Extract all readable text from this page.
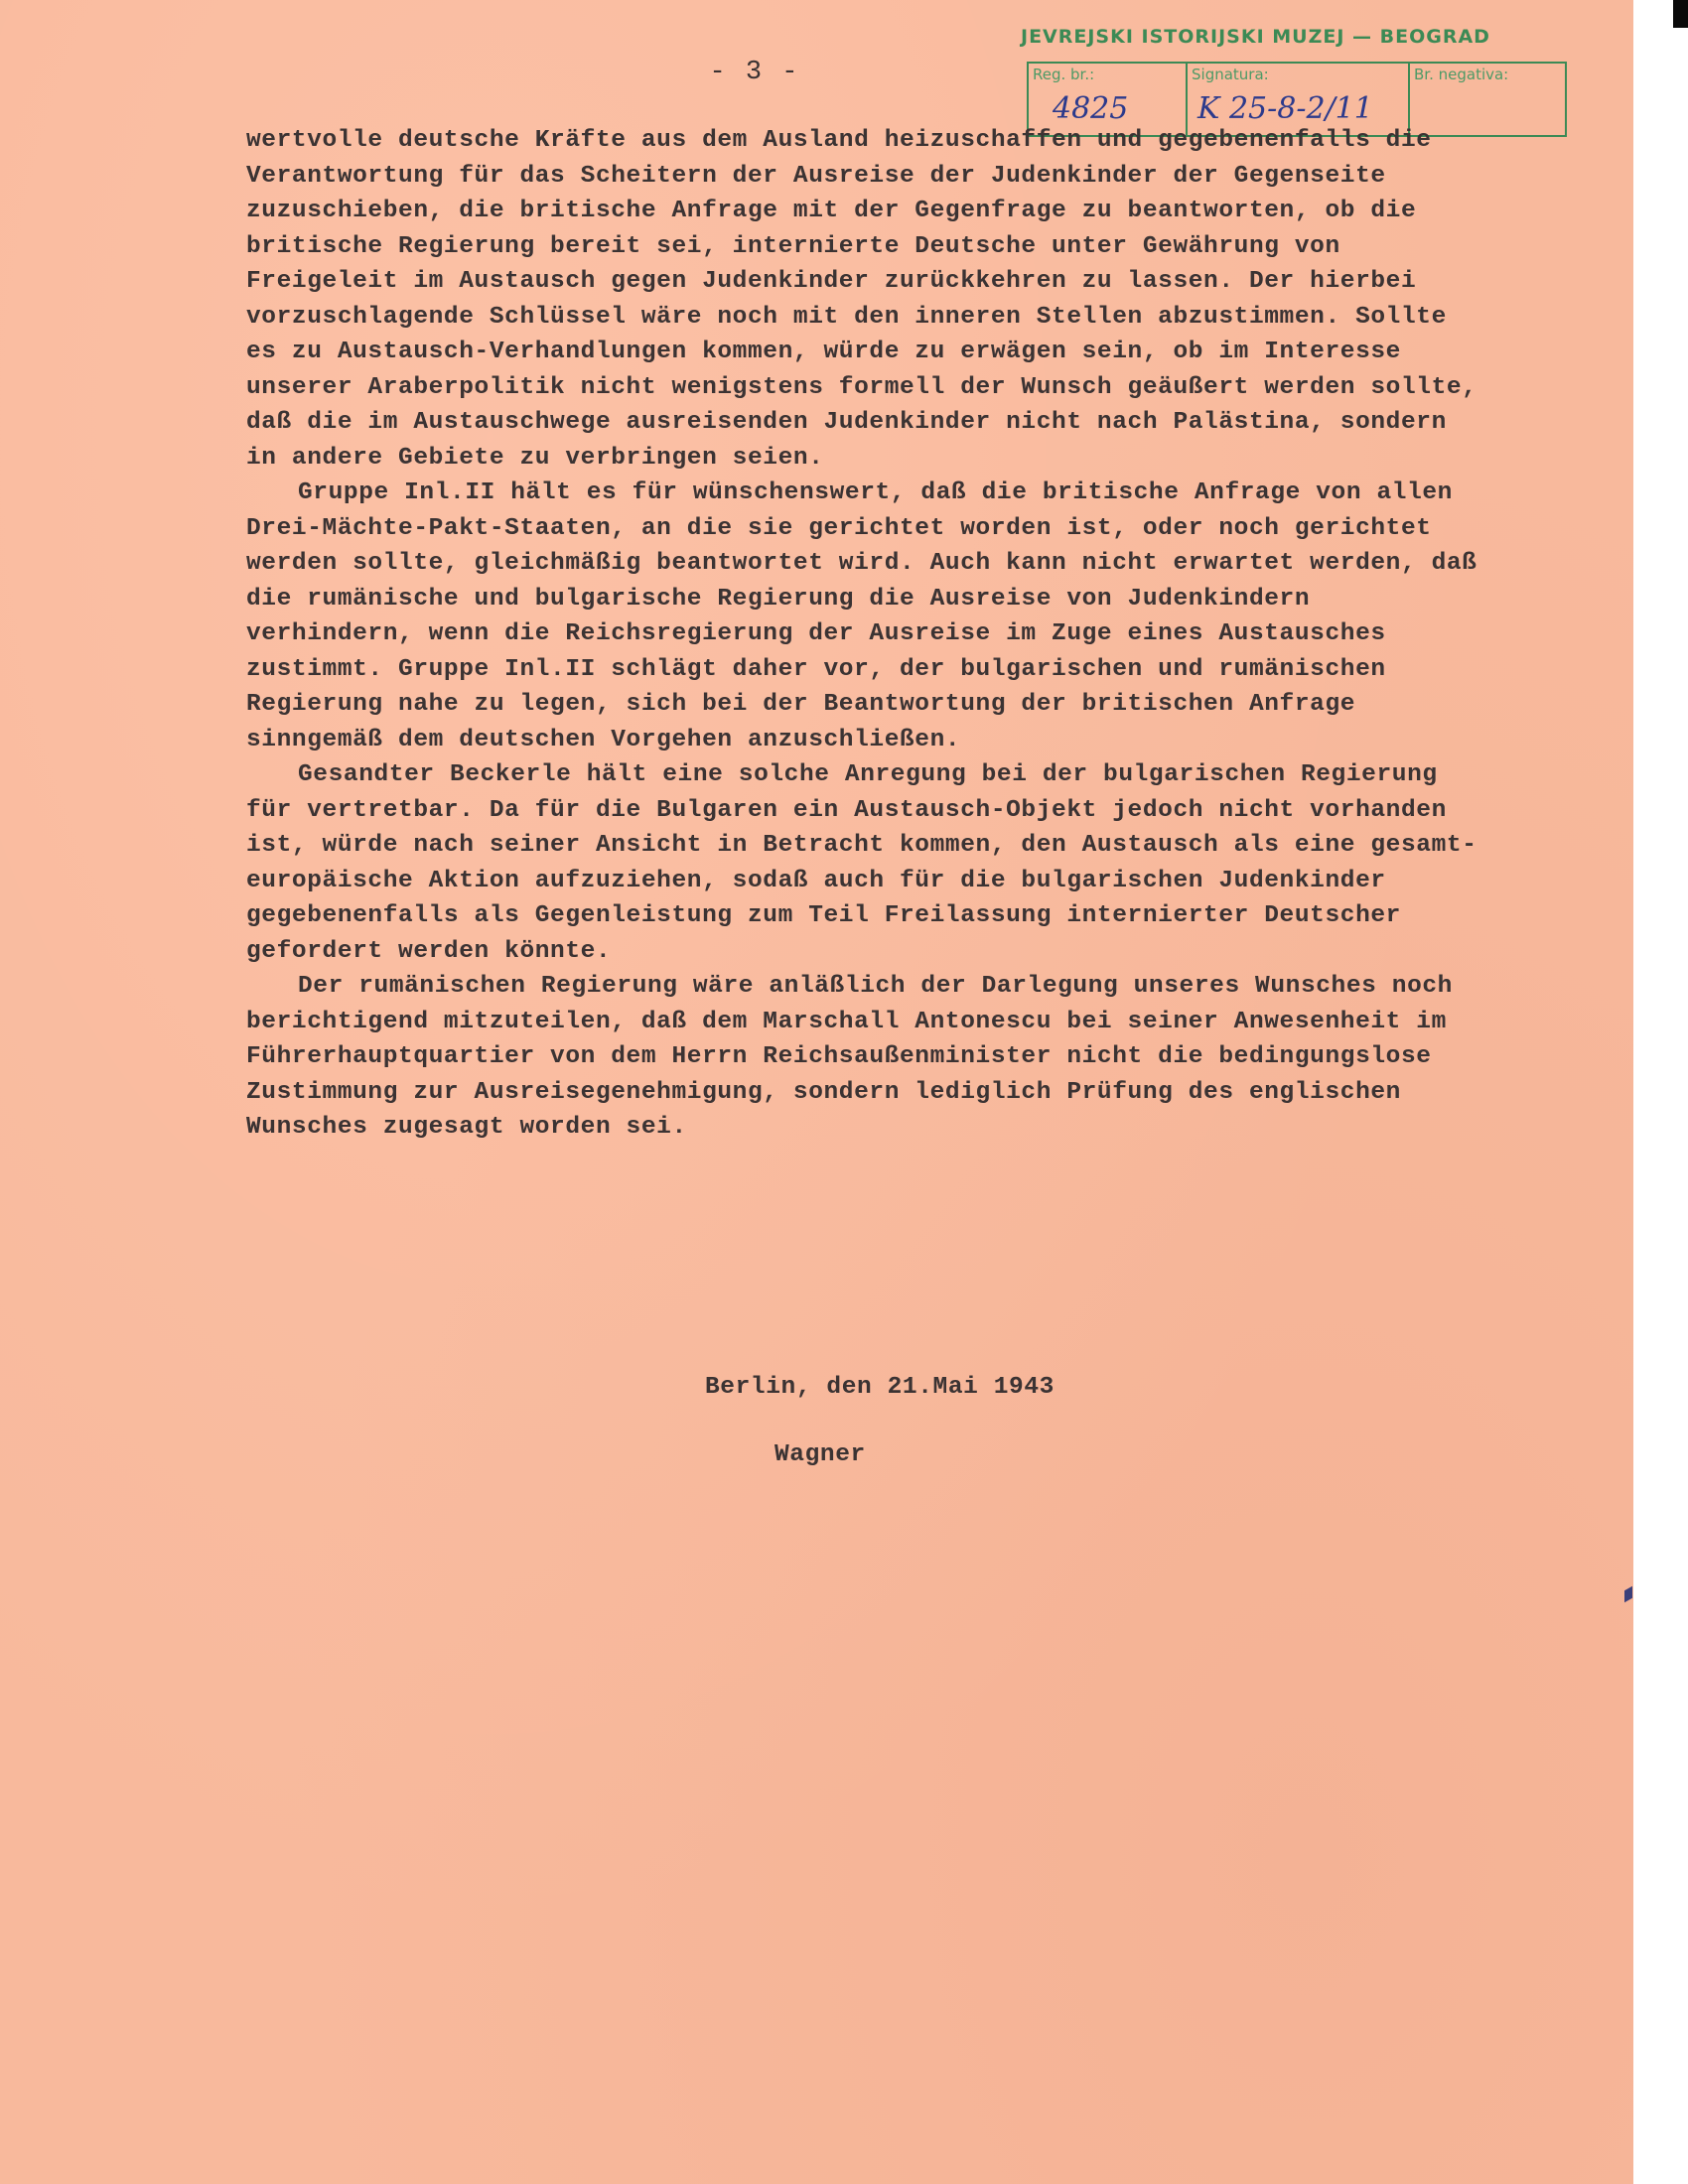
- 3 -
JEVREJSKI ISTORIJSKI MUZEJ — BEOGRAD
Reg. br.:
4825
Signatura:
K 25-8-2/11
Br. negativa:

wertvolle deutsche Kräfte aus dem Ausland heizuschaffen und gegebenenfalls die Verantwortung für das Scheitern der Ausreise der Judenkinder der Gegenseite zuzuschieben, die britische Anfrage mit der Gegenfrage zu beantworten, ob die britische Regierung bereit sei, internierte Deutsche unter Gewährung von Freigeleit im Austausch gegen Judenkinder zurückkehren zu lassen. Der hierbei vorzuschlagende Schlüssel wäre noch mit den inneren Stellen abzustimmen. Sollte es zu Austausch-Verhandlungen kommen, würde zu erwägen sein, ob im Interesse unserer Araberpolitik nicht wenigstens formell der Wunsch geäußert werden sollte, daß die im Austauschwege ausreisenden Judenkinder nicht nach Palästina, sondern in andere Gebiete zu verbringen seien.

Gruppe Inl.II hält es für wünschenswert, daß die britische Anfrage von allen Drei-Mächte-Pakt-Staaten, an die sie gerichtet worden ist, oder noch gerichtet werden sollte, gleichmäßig beantwortet wird. Auch kann nicht erwartet werden, daß die rumänische und bulgarische Regierung die Ausreise von Judenkindern verhindern, wenn die Reichsregierung der Ausreise im Zuge eines Austausches zustimmt. Gruppe Inl.II schlägt daher vor, der bulgarischen und rumänischen Regierung nahe zu legen, sich bei der Beantwortung der britischen Anfrage sinngemäß dem deutschen Vorgehen anzuschließen.

Gesandter Beckerle hält eine solche Anregung bei der bulgarischen Regierung für vertretbar. Da für die Bulgaren ein Austausch-Objekt jedoch nicht vorhanden ist, würde nach seiner Ansicht in Betracht kommen, den Austausch als eine gesamt-europäische Aktion aufzuziehen, sodaß auch für die bulgarischen Judenkinder gegebenenfalls als Gegenleistung zum Teil Freilassung internierter Deutscher gefordert werden könnte.

Der rumänischen Regierung wäre anläßlich der Darlegung unseres Wunsches noch berichtigend mitzuteilen, daß dem Marschall Antonescu bei seiner Anwesenheit im Führerhauptquartier von dem Herrn Reichsaußenminister nicht die bedingungslose Zustimmung zur Ausreisegenehmigung, sondern lediglich Prüfung des englischen Wunsches zugesagt worden sei.

Berlin, den 21.Mai 1943
Wagner
